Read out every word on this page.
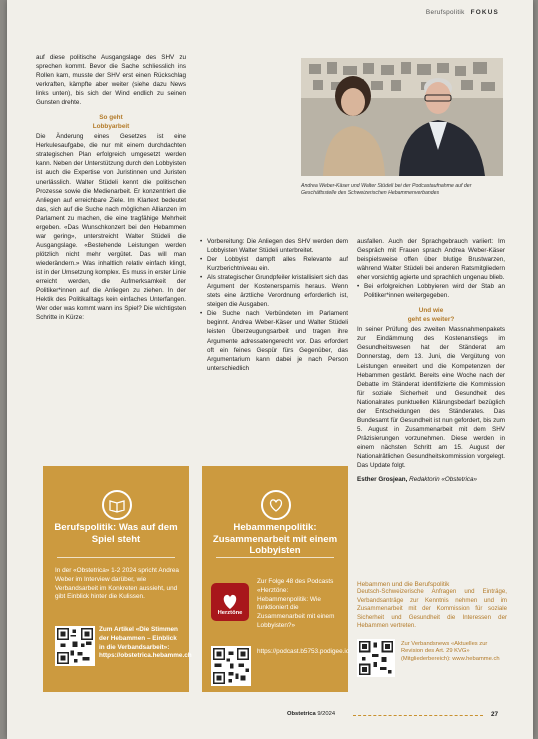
Berufspolitik FOKUS

auf diese politische Ausgangslage des SHV zu sprechen kommt. Bevor die Sache schliesslich ins Rollen kam, musste der SHV erst einen Rückschlag verkraften, kämpfte aber weiter (siehe dazu News links unten), bis sich der Wind endlich zu seinen Gunsten drehte.

So geht
Lobbyarbeit

Die Änderung eines Gesetzes ist eine Herkulesaufgabe, die nur mit einem durchdachten strategischen Plan erfolgreich umgesetzt werden kann. Neben der Unterstützung durch den Lobbyisten ist auch die Expertise von Juristinnen und Juristen unerlässlich. Walter Stüdeli kennt die politischen Prozesse sowie die Medienarbeit. Er konzentriert die Anliegen auf erreichbare Ziele. Im Klartext bedeutet das, sich auf die Suche nach möglichen Allianzen im Parlament zu machen, die eine tragfähige Mehrheit ergeben. «Das Wunschkonzert bei den Hebammen war gering», unterstreicht Walter Stüdeli die Ausgangslage. «Bestehende Leistungen werden plötzlich nicht mehr vergütet. Das will man wiederändern.» Was inhaltlich relativ einfach klingt, ist in der Umsetzung komplex. Es muss in erster Linie erreicht werden, die Aufmerksamkeit der Politiker*innen auf die Anliegen zu ziehen. In der Hektik des Politikalltags kein einfaches Unterfangen. Wer oder was kommt wann ins Spiel? Die wichtigsten Schritte in Kürze:

Andrea Weber-Käser und Walter Stüdeli bei der Podcastaufnahme auf der Geschäftsstelle des Schweizerischen Hebammenverbandes
• Vorbereitung: Die Anliegen des SHV werden dem Lobbyisten Walter Stüdeli unterbreitet.
• Der Lobbyist dampft alles Relevante auf Kurzberichtniveau ein.
• Als strategischer Grundpfeiler kristallisiert sich das Argument der Kostenersparnis heraus. Wenn stets eine ärztliche Verordnung erforderlich ist, steigen die Ausgaben.
• Die Suche nach Verbündeten im Parlament beginnt. Andrea Weber-Käser und Walter Stüdeli leisten Überzeugungsarbeit und tragen ihre Argumente adressatengerecht vor. Das erfordert oft ein feines Gespür fürs Gegenüber, das Argumentarium kann dabei je nach Person unterschiedlich

ausfallen. Auch der Sprachgebrauch variiert: Im Gespräch mit Frauen sprach Andrea Weber-Käser beispielsweise offen über blutige Brustwarzen, während Walter Stüdeli bei anderen Ratsmitgliedern eher vorsichtig agierte und sprachlich ungenau blieb.

• Bei erfolgreichen Lobbyieren wird der Stab an Politiker*innen weitergegeben.
Und wie
geht es weiter?

In seiner Prüfung des zweiten Massnahmenpakets zur Eindämmung des Kostenanstiegs im Gesundheitswesen hat der Ständerat am Donnerstag, dem 13. Juni, die Vergütung von Leistungen erweitert und die Kompetenzen der Hebammen gestärkt. Bereits eine Woche nach der Debatte im Ständerat identifizierte die Kommission für soziale Sicherheit und Gesundheit des Nationalrates punktuellen Klärungsbedarf bezüglich der Entscheidungen des Ständerates. Das Bundesamt für Gesundheit ist nun gefordert, bis zum 5. August in Zusammenarbeit mit dem SHV Präzisierungen vorzunehmen. Diese werden in einem nächsten Schritt am 15. August der Nationalrätlichen Gesundheitskommission vorgelegt. Das Update folgt.

Esther Grosjean, Redaktorin «Obstetrica»

Berufspolitik: Was auf dem Spiel steht
In der «Obstetrica» 1-2 2024 spricht Andrea Weber im Interview darüber, wie Verbandsarbeit im Konkreten aussieht, und gibt Einblick hinter die Kulissen.
Zum Artikel «Die Stimmen der Hebammen – Einblick in die Verbandsarbeit»: https://obstetrica.hebamme.ch
Hebammenpolitik: Zusammenarbeit mit einem Lobbyisten
Herztöne
Zur Folge 48 des Podcasts «Herztöne: Hebammenpolitik: Wie funktioniert die Zusammenarbeit mit einem Lobbyisten?»
https://podcast.b5753.podigee.io
Hebammen und die Berufspolitik
Deutsch-Schweizerische Anfragen und Einträge, Verbandsanträge zur Kenntnis nehmen und im Zusammenarbeit mit der Kommission für soziale Sicherheit und Gesundheit die Interessen der Hebammen vertreten.
Zur Verbandsnews «Aktuelles zur Revision des Art. 29 KVG» (Mitgliederbereich): www.hebamme.ch
Obstetrica 9/2024	27
